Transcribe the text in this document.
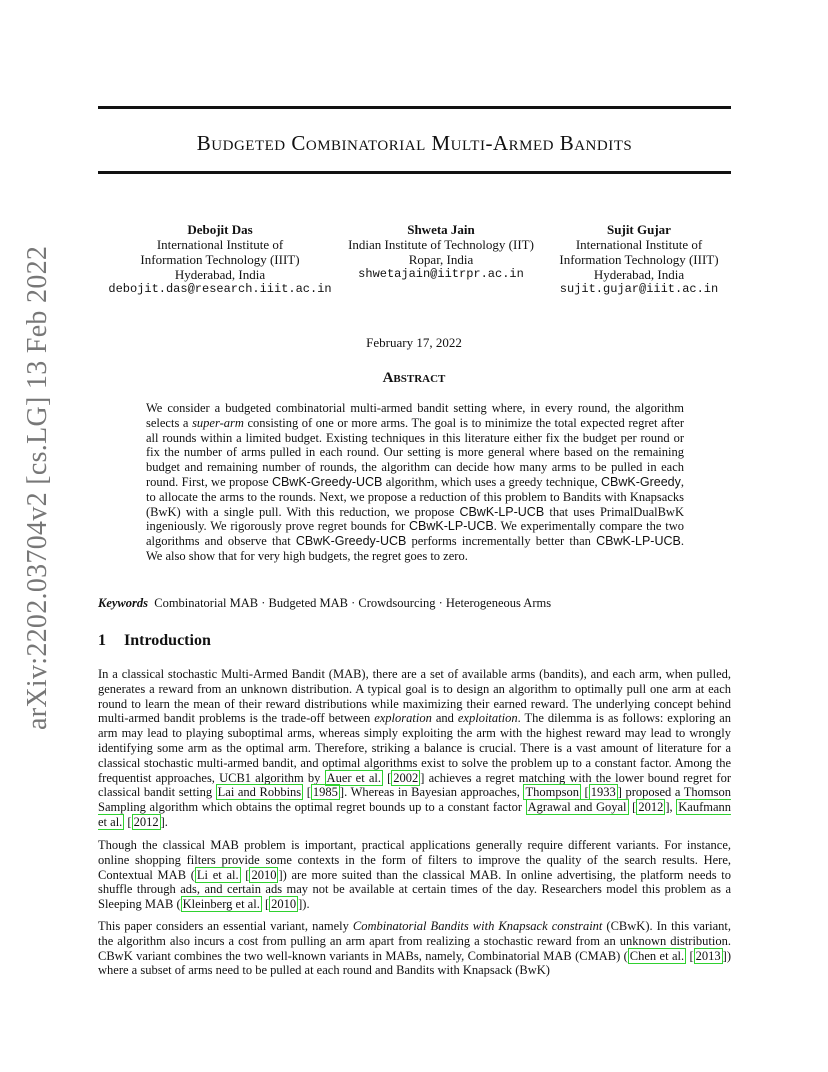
arXiv:2202.03704v2 [cs.LG] 13 Feb 2022
Budgeted Combinatorial Multi-Armed Bandits
Debojit Das
International Institute of
Information Technology (IIIT)
Hyderabad, India
debojit.das@research.iiit.ac.in
Shweta Jain
Indian Institute of Technology (IIT)
Ropar, India
shwetajain@iitrpr.ac.in
Sujit Gujar
International Institute of
Information Technology (IIIT)
Hyderabad, India
sujit.gujar@iiit.ac.in
February 17, 2022
Abstract
We consider a budgeted combinatorial multi-armed bandit setting where, in every round, the algorithm selects a super-arm consisting of one or more arms. The goal is to minimize the total expected regret after all rounds within a limited budget. Existing techniques in this literature either fix the budget per round or fix the number of arms pulled in each round. Our setting is more general where based on the remaining budget and remaining number of rounds, the algorithm can decide how many arms to be pulled in each round. First, we propose CBwK-Greedy-UCB algorithm, which uses a greedy technique, CBwK-Greedy, to allocate the arms to the rounds. Next, we propose a reduction of this problem to Bandits with Knapsacks (BwK) with a single pull. With this reduction, we propose CBwK-LP-UCB that uses PrimalDualBwK ingeniously. We rigorously prove regret bounds for CBwK-LP-UCB. We experimentally compare the two algorithms and observe that CBwK-Greedy-UCB performs incrementally better than CBwK-LP-UCB. We also show that for very high budgets, the regret goes to zero.
Keywords Combinatorial MAB · Budgeted MAB · Crowdsourcing · Heterogeneous Arms
1 Introduction
In a classical stochastic Multi-Armed Bandit (MAB), there are a set of available arms (bandits), and each arm, when pulled, generates a reward from an unknown distribution. A typical goal is to design an algorithm to optimally pull one arm at each round to learn the mean of their reward distributions while maximizing their earned reward. The underlying concept behind multi-armed bandit problems is the trade-off between exploration and exploitation. The dilemma is as follows: exploring an arm may lead to playing suboptimal arms, whereas simply exploiting the arm with the highest reward may lead to wrongly identifying some arm as the optimal arm. Therefore, striking a balance is crucial. There is a vast amount of literature for a classical stochastic multi-armed bandit, and optimal algorithms exist to solve the problem up to a constant factor. Among the frequentist approaches, UCB1 algorithm by Auer et al. [ 2002 ] achieves a regret matching with the lower bound regret for classical bandit setting Lai and Robbins [ 1985 ]. Whereas in Bayesian approaches, Thompson [ 1933 ] proposed a Thomson Sampling algorithm which obtains the optimal regret bounds up to a constant factor Agrawal and Goyal [ 2012 ], Kaufmann et al. [ 2012 ].
Though the classical MAB problem is important, practical applications generally require different variants. For instance, online shopping filters provide some contexts in the form of filters to improve the quality of the search results. Here, Contextual MAB ( Li et al. [ 2010 ]) are more suited than the classical MAB. In online advertising, the platform needs to shuffle through ads, and certain ads may not be available at certain times of the day. Researchers model this problem as a Sleeping MAB ( Kleinberg et al. [ 2010 ]).
This paper considers an essential variant, namely Combinatorial Bandits with Knapsack constraint (CBwK). In this variant, the algorithm also incurs a cost from pulling an arm apart from realizing a stochastic reward from an unknown distribution. CBwK variant combines the two well-known variants in MABs, namely, Combinatorial MAB (CMAB) ( Chen et al. [ 2013 ]) where a subset of arms need to be pulled at each round and Bandits with Knapsack (BwK)
